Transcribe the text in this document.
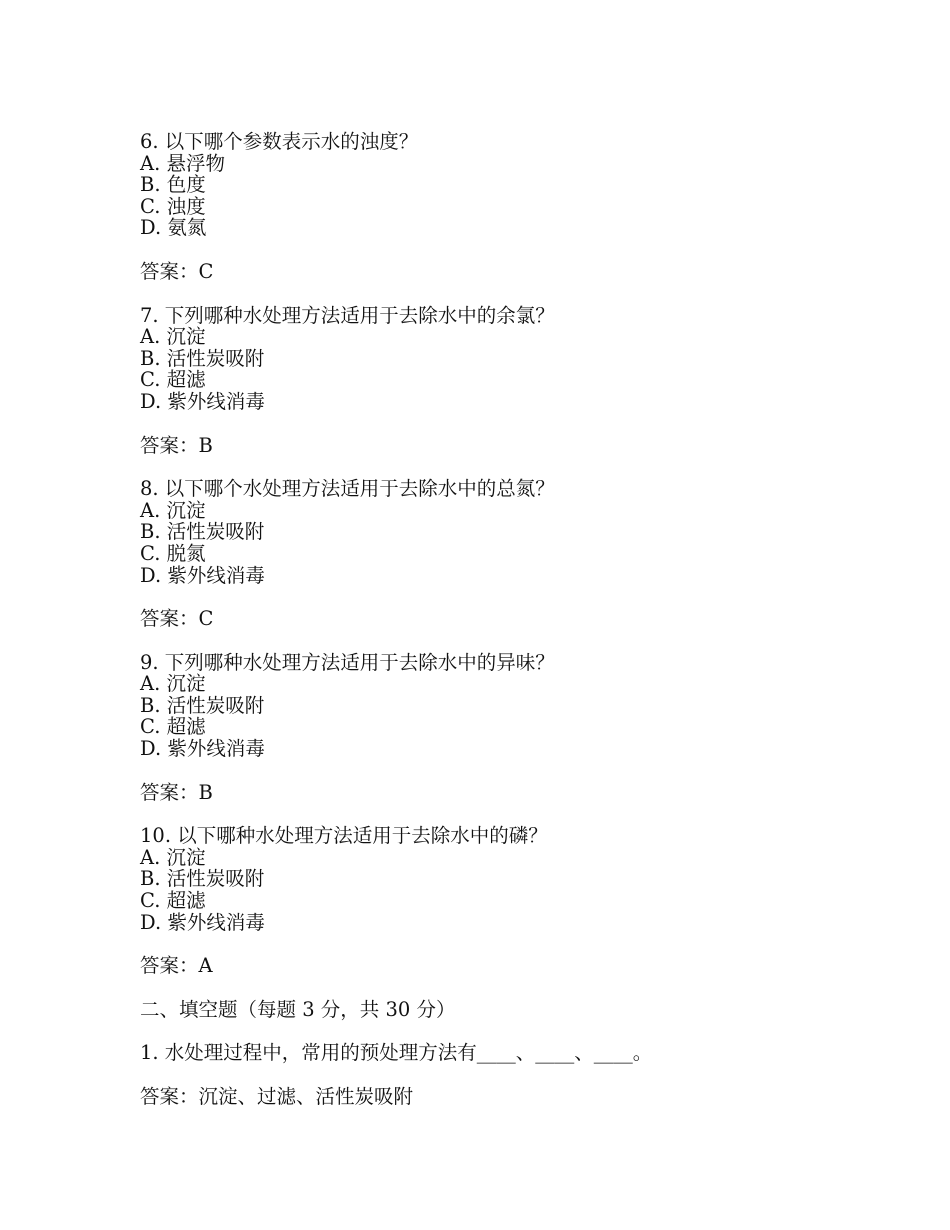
6. 以下哪个参数表示水的浊度？
A. 悬浮物
B. 色度
C. 浊度
D. 氨氮
答案：C
7. 下列哪种水处理方法适用于去除水中的余氯？
A. 沉淀
B. 活性炭吸附
C. 超滤
D. 紫外线消毒
答案：B
8. 以下哪个水处理方法适用于去除水中的总氮？
A. 沉淀
B. 活性炭吸附
C. 脱氮
D. 紫外线消毒
答案：C
9. 下列哪种水处理方法适用于去除水中的异味？
A. 沉淀
B. 活性炭吸附
C. 超滤
D. 紫外线消毒
答案：B
10. 以下哪种水处理方法适用于去除水中的磷？
A. 沉淀
B. 活性炭吸附
C. 超滤
D. 紫外线消毒
答案：A
二、填空题（每题 3 分，共 30 分）
1. 水处理过程中，常用的预处理方法有____、____、____。
答案：沉淀、过滤、活性炭吸附
